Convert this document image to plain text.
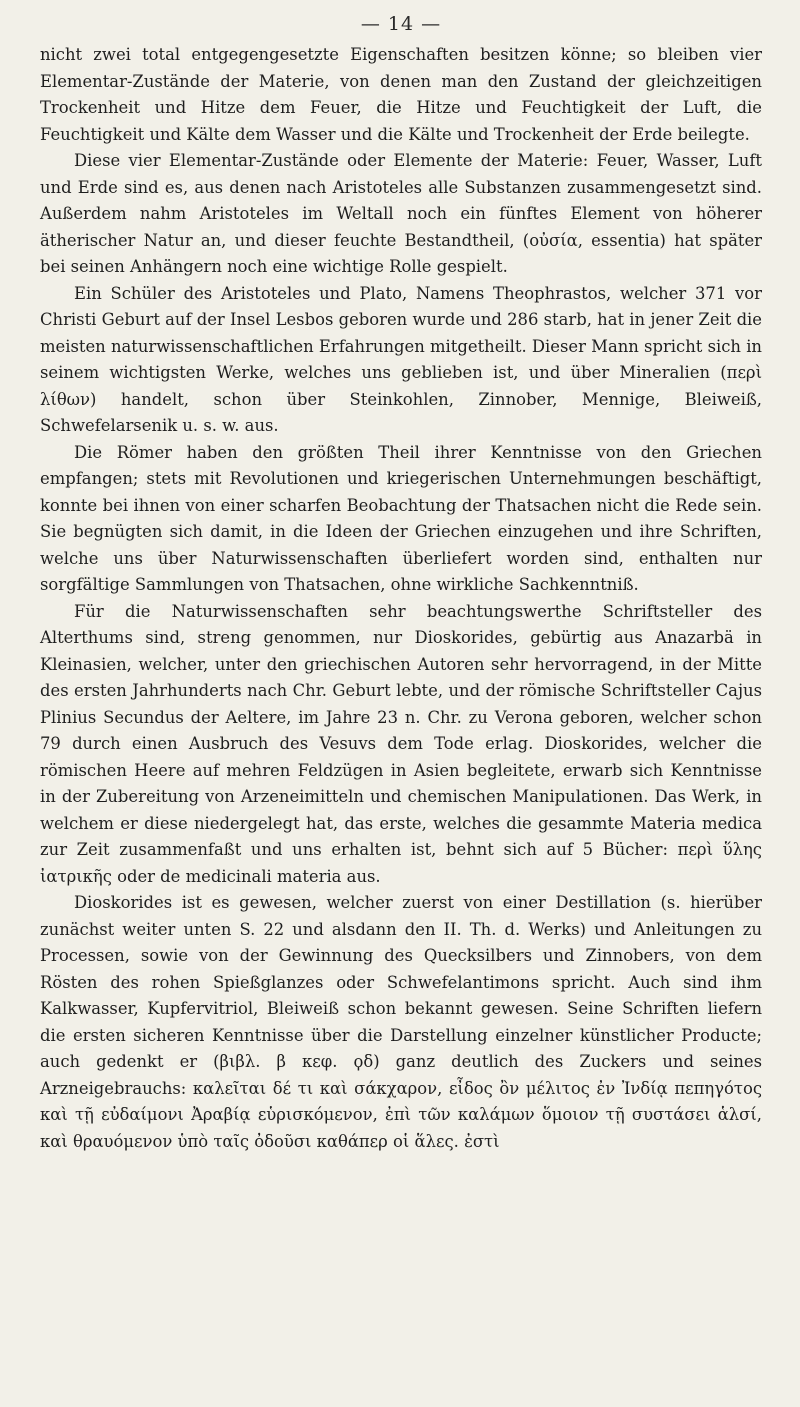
— 14 —

nicht zwei total entgegengesetzte Eigenschaften besitzen könne; so bleiben vier Elementar-Zustände der Materie, von denen man den Zustand der gleichzeitigen Trockenheit und Hitze dem Feuer, die Hitze und Feuchtigkeit der Luft, die Feuchtigkeit und Kälte dem Wasser und die Kälte und Trockenheit der Erde beilegte.

Diese vier Elementar-Zustände oder Elemente der Materie: Feuer, Wasser, Luft und Erde sind es, aus denen nach Aristoteles alle Substanzen zusammengesetzt sind. Außerdem nahm Aristoteles im Weltall noch ein fünftes Element von höherer ätherischer Natur an, und dieser feuchte Bestandtheil, (οὐσία, essentia) hat später bei seinen Anhängern noch eine wichtige Rolle gespielt.

Ein Schüler des Aristoteles und Plato, Namens Theophrastos, welcher 371 vor Christi Geburt auf der Insel Lesbos geboren wurde und 286 starb, hat in jener Zeit die meisten naturwissenschaftlichen Erfahrungen mitgetheilt. Dieser Mann spricht sich in seinem wichtigsten Werke, welches uns geblieben ist, und über Mineralien (περὶ λίθων) handelt, schon über Steinkohlen, Zinnober, Mennige, Bleiweiß, Schwefelarsenik u. s. w. aus.

Die Römer haben den größten Theil ihrer Kenntnisse von den Griechen empfangen; stets mit Revolutionen und kriegerischen Unternehmungen beschäftigt, konnte bei ihnen von einer scharfen Beobachtung der Thatsachen nicht die Rede sein. Sie begnügten sich damit, in die Ideen der Griechen einzugehen und ihre Schriften, welche uns über Naturwissenschaften überliefert worden sind, enthalten nur sorgfältige Sammlungen von Thatsachen, ohne wirkliche Sachkenntniß.

Für die Naturwissenschaften sehr beachtungswerthe Schriftsteller des Alterthums sind, streng genommen, nur Dioskorides, gebürtig aus Anazarbä in Kleinasien, welcher, unter den griechischen Autoren sehr hervorragend, in der Mitte des ersten Jahrhunderts nach Chr. Geburt lebte, und der römische Schriftsteller Cajus Plinius Secundus der Aeltere, im Jahre 23 n. Chr. zu Verona geboren, welcher schon 79 durch einen Ausbruch des Vesuvs dem Tode erlag. Dioskorides, welcher die römischen Heere auf mehren Feldzügen in Asien begleitete, erwarb sich Kenntnisse in der Zubereitung von Arzeneimitteln und chemischen Manipulationen. Das Werk, in welchem er diese niedergelegt hat, das erste, welches die gesammte Materia medica zur Zeit zusammenfaßt und uns erhalten ist, behnt sich auf 5 Bücher: περὶ ὕλης ἰατρικῆς oder de medicinali materia aus.

Dioskorides ist es gewesen, welcher zuerst von einer Destillation (s. hierüber zunächst weiter unten S. 22 und alsdann den II. Th. d. Werks) und Anleitungen zu Processen, sowie von der Gewinnung des Quecksilbers und Zinnobers, von dem Rösten des rohen Spießglanzes oder Schwefelantimons spricht. Auch sind ihm Kalkwasser, Kupfervitriol, Bleiweiß schon bekannt gewesen. Seine Schriften liefern die ersten sicheren Kenntnisse über die Darstellung einzelner künstlicher Producte; auch gedenkt er (βιβλ. β κεφ. ϙδ) ganz deutlich des Zuckers und seines Arzneigebrauchs: καλεῖται δέ τι καὶ σάκχαρον, εἶδος ὂν μέλιτος ἐν Ἰνδίᾳ πεπηγότος καὶ τῇ εὐδαίμονι Ἀραβίᾳ εὑρισκόμενον, ἐπὶ τῶν καλάμων ὅμοιον τῇ συστάσει ἁλσί, καὶ θραυόμενον ὑπὸ ταῖς ὀδοῦσι καθάπερ οἱ ἅλες. ἐστὶ
